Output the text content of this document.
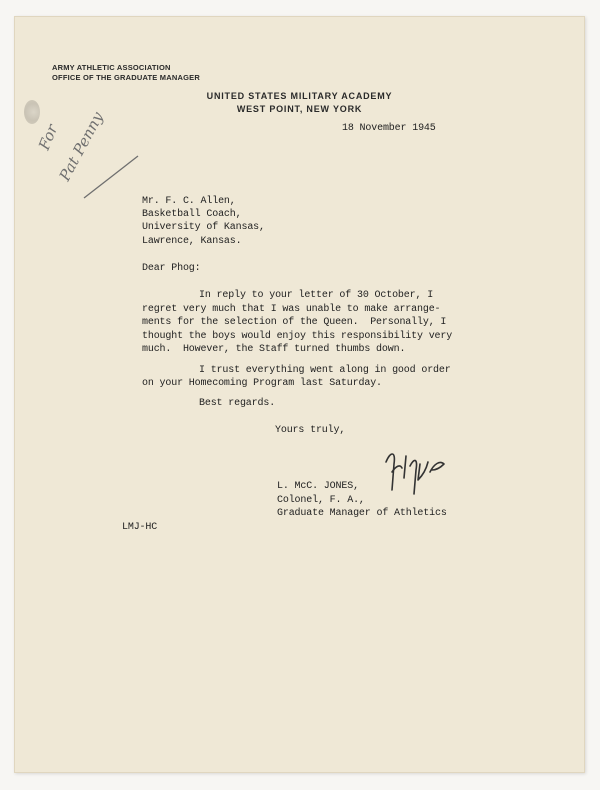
ARMY ATHLETIC ASSOCIATION
OFFICE OF THE GRADUATE MANAGER
UNITED STATES MILITARY ACADEMY
WEST POINT, NEW YORK
For
Pat Penny	18 November 1945
Mr. F. C. Allen,
Basketball Coach,
University of Kansas,
Lawrence, Kansas.
Dear Phog:
In reply to your letter of 30 October, I
regret very much that I was unable to make arrange-
ments for the selection of the Queen.  Personally, I
thought the boys would enjoy this responsibility very
much.  However, the Staff turned thumbs down.
I trust everything went along in good order
on your Homecoming Program last Saturday.
Best regards.
Yours truly,
L. McC. JONES,
Colonel, F. A.,
Graduate Manager of Athletics
LMJ-HC
